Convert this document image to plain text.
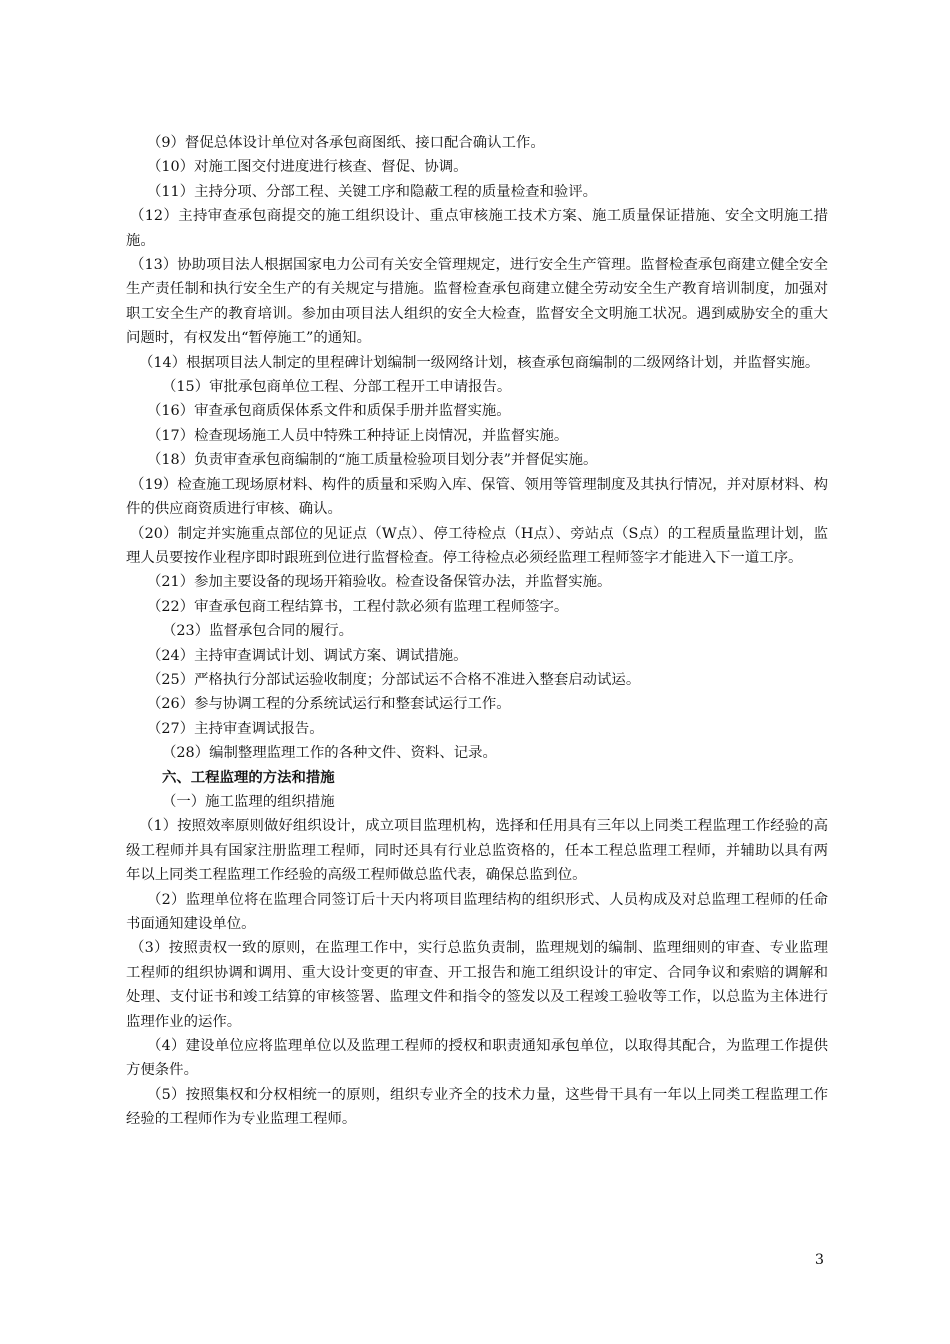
（9）督促总体设计单位对各承包商图纸、接口配合确认工作。

（10）对施工图交付进度进行核查、督促、协调。

（11）主持分项、分部工程、关键工序和隐蔽工程的质量检查和验评。

（12）主持审查承包商提交的施工组织设计、重点审核施工技术方案、施工质量保证措施、安全文明施工措施。

（13）协助项目法人根据国家电力公司有关安全管理规定，进行安全生产管理。监督检查承包商建立健全安全生产责任制和执行安全生产的有关规定与措施。监督检查承包商建立健全劳动安全生产教育培训制度，加强对职工安全生产的教育培训。参加由项目法人组织的安全大检查，监督安全文明施工状况。遇到威胁安全的重大问题时，有权发出“暂停施工”的通知。

（14）根据项目法人制定的里程碑计划编制一级网络计划，核查承包商编制的二级网络计划，并监督实施。

（15）审批承包商单位工程、分部工程开工申请报告。

（16）审查承包商质保体系文件和质保手册并监督实施。

（17）检查现场施工人员中特殊工种持证上岗情况，并监督实施。

（18）负责审查承包商编制的“施工质量检验项目划分表”并督促实施。

（19）检查施工现场原材料、构件的质量和采购入库、保管、领用等管理制度及其执行情况，并对原材料、构件的供应商资质进行审核、确认。

（20）制定并实施重点部位的见证点（W点）、停工待检点（H点）、旁站点（S点）的工程质量监理计划，监理人员要按作业程序即时跟班到位进行监督检查。停工待检点必须经监理工程师签字才能进入下一道工序。

（21）参加主要设备的现场开箱验收。检查设备保管办法，并监督实施。

（22）审查承包商工程结算书，工程付款必须有监理工程师签字。

（23）监督承包合同的履行。

（24）主持审查调试计划、调试方案、调试措施。

（25）严格执行分部试运验收制度；分部试运不合格不准进入整套启动试运。

（26）参与协调工程的分系统试运行和整套试运行工作。

（27）主持审查调试报告。

（28）编制整理监理工作的各种文件、资料、记录。

六、工程监理的方法和措施

（一）施工监理的组织措施

（1）按照效率原则做好组织设计，成立项目监理机构，选择和任用具有三年以上同类工程监理工作经验的高级工程师并具有国家注册监理工程师，同时还具有行业总监资格的，任本工程总监理工程师，并辅助以具有两年以上同类工程监理工作经验的高级工程师做总监代表，确保总监到位。

（2）监理单位将在监理合同签订后十天内将项目监理结构的组织形式、人员构成及对总监理工程师的任命书面通知建设单位。

（3）按照责权一致的原则，在监理工作中，实行总监负责制，监理规划的编制、监理细则的审查、专业监理工程师的组织协调和调用、重大设计变更的审查、开工报告和施工组织设计的审定、合同争议和索赔的调解和处理、支付证书和竣工结算的审核签署、监理文件和指令的签发以及工程竣工验收等工作，以总监为主体进行监理作业的运作。

（4）建设单位应将监理单位以及监理工程师的授权和职责通知承包单位，以取得其配合，为监理工作提供方便条件。

（5）按照集权和分权相统一的原则，组织专业齐全的技术力量，这些骨干具有一年以上同类工程监理工作经验的工程师作为专业监理工程师。

3
